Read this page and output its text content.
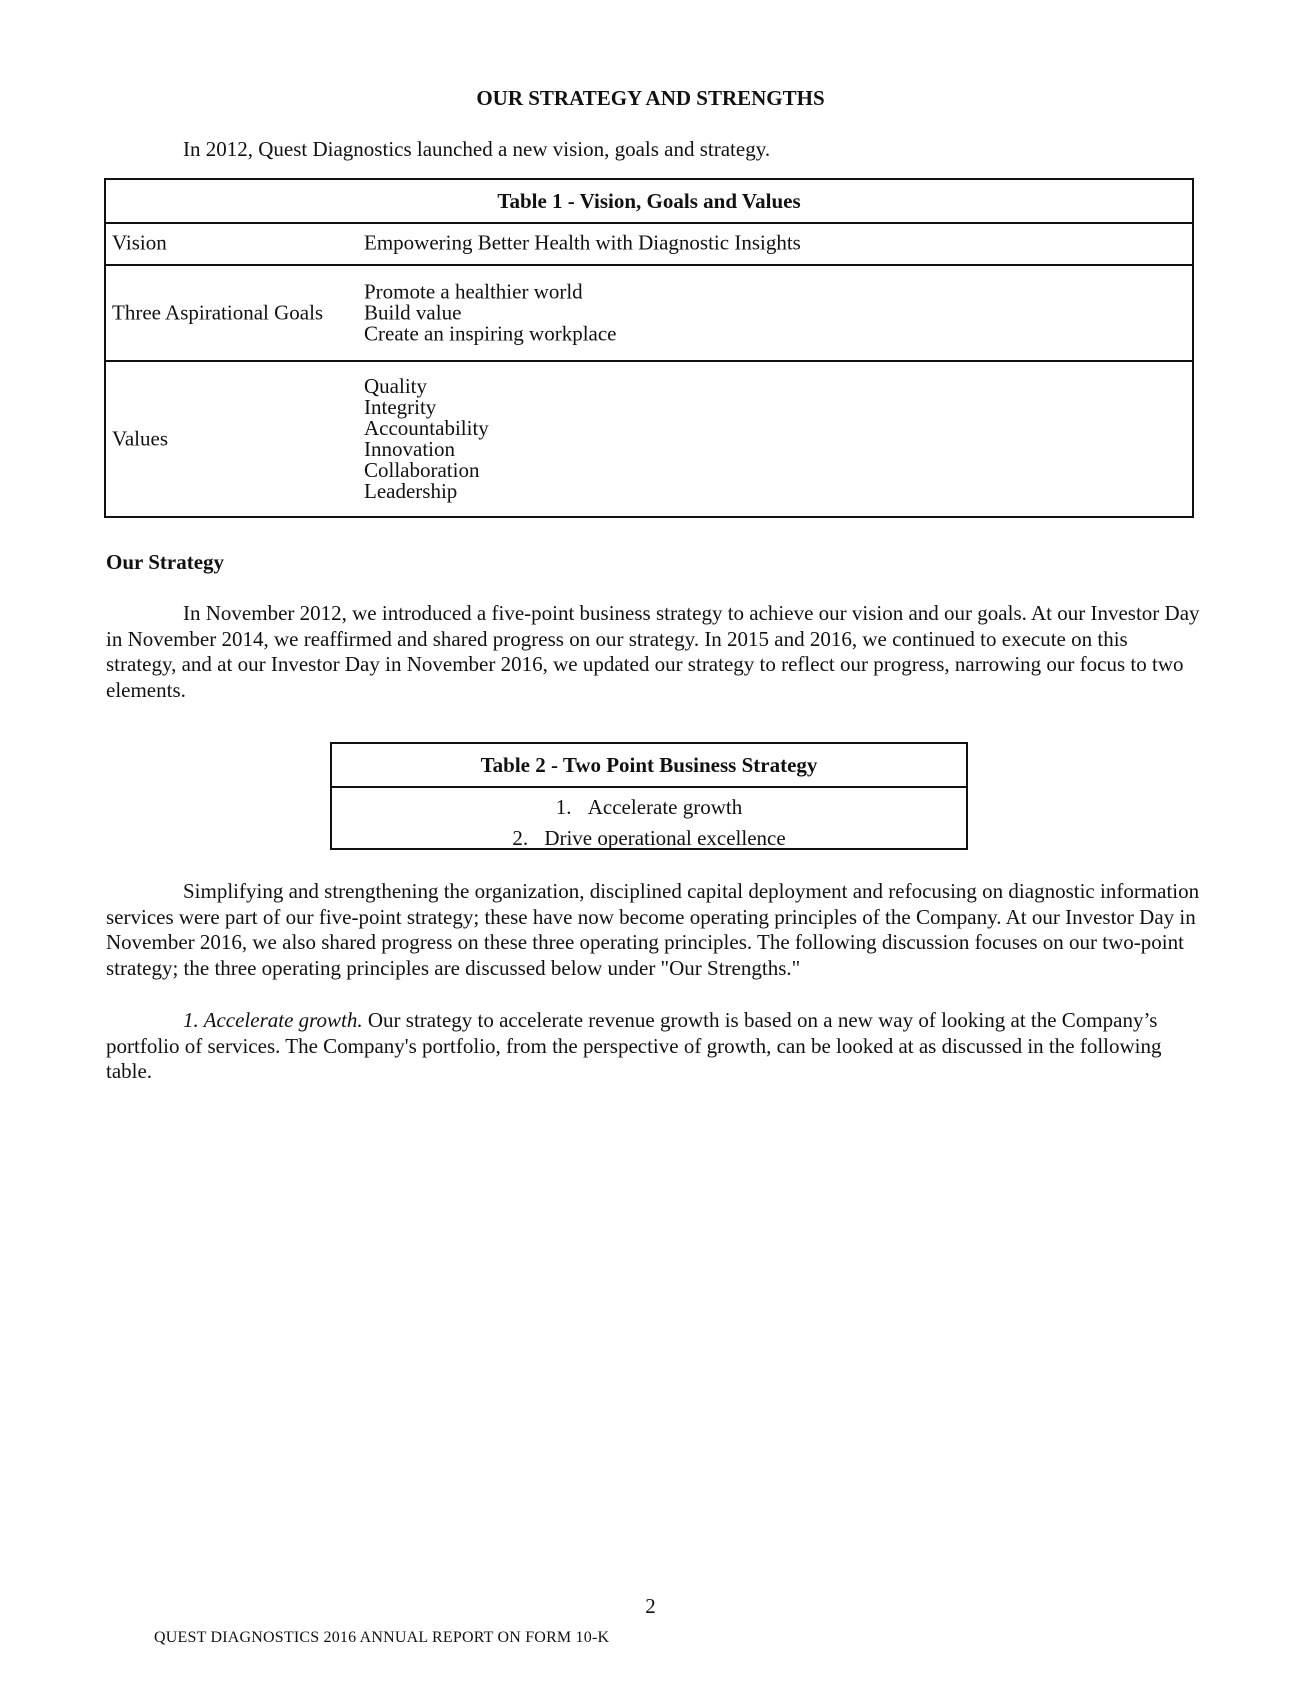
OUR STRATEGY AND STRENGTHS
In 2012, Quest Diagnostics launched a new vision, goals and strategy.
Table 1 - Vision, Goals and Values
Vision	Empowering Better Health with Diagnostic Insights
Three Aspirational Goals
Promote a healthier world
Build value
Create an inspiring workplace
Values
Quality
Integrity
Accountability
Innovation
Collaboration
Leadership
Our Strategy
In November 2012, we introduced a five-point business strategy to achieve our vision and our goals. At our Investor Day in November 2014, we reaffirmed and shared progress on our strategy. In 2015 and 2016, we continued to execute on this strategy, and at our Investor Day in November 2016, we updated our strategy to reflect our progress, narrowing our focus to two elements.
Table 2 - Two Point Business Strategy
1. Accelerate growth
2. Drive operational excellence
Simplifying and strengthening the organization, disciplined capital deployment and refocusing on diagnostic information services were part of our five-point strategy; these have now become operating principles of the Company. At our Investor Day in November 2016, we also shared progress on these three operating principles. The following discussion focuses on our two-point strategy; the three operating principles are discussed below under "Our Strengths."
1. Accelerate growth. Our strategy to accelerate revenue growth is based on a new way of looking at the Company’s portfolio of services. The Company's portfolio, from the perspective of growth, can be looked at as discussed in the following table.
2
QUEST DIAGNOSTICS 2016 ANNUAL REPORT ON FORM 10-K
